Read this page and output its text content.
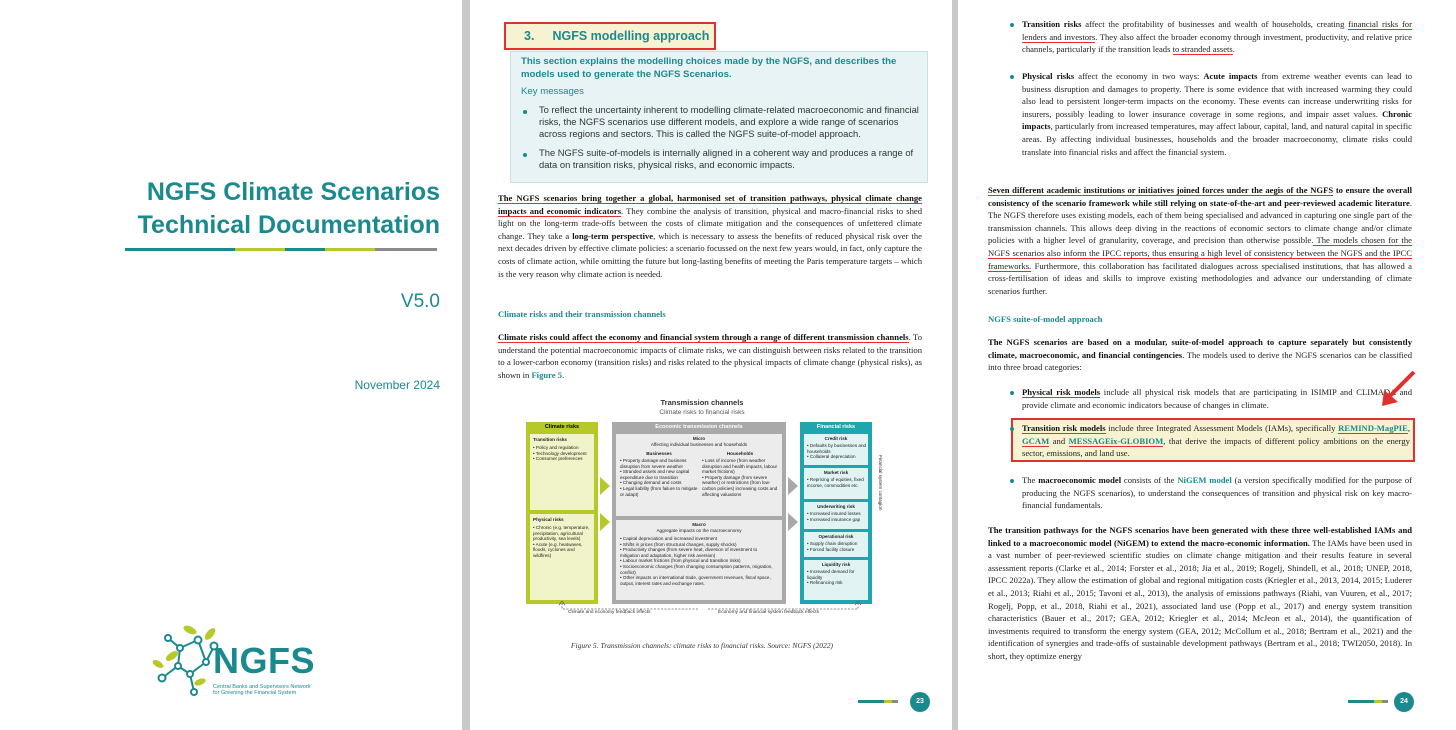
NGFS Climate Scenarios
Technical Documentation
V5.0
November 2024
NGFS
Central Banks and Supervisors Network for Greening the Financial System
3. NGFS modelling approach
This section explains the modelling choices made by the NGFS, and describes the models used to generate the NGFS Scenarios.
Key messages
To reflect the uncertainty inherent to modelling climate-related macroeconomic and financial risks, the NGFS scenarios use different models, and explore a wide range of scenarios across regions and sectors. This is called the NGFS suite-of-model approach.
The NGFS suite-of-models is internally aligned in a coherent way and produces a range of data on transition risks, physical risks, and economic impacts.
The NGFS scenarios bring together a global, harmonised set of transition pathways, physical climate change impacts and economic indicators. They combine the analysis of transition, physical and macro-financial risks to shed light on the long-term trade-offs between the costs of climate mitigation and the consequences of unfettered climate change. They take a long-term perspective, which is necessary to assess the benefits of reduced physical risk over the next decades driven by effective climate policies: a scenario focussed on the next few years would, in fact, only capture the costs of climate action, while omitting the future but long-lasting benefits of meeting the Paris temperature targets – which is the very reason why climate action is needed.
Climate risks and their transmission channels
Climate risks could affect the economy and financial system through a range of different transmission channels. To understand the potential macroeconomic impacts of climate risks, we can distinguish between risks related to the transition to a lower-carbon economy (transition risks) and risks related to the physical impacts of climate change (physical risks), as shown in Figure 5.
Transmission channels
Climate risks to financial risks
Climate risks
Transition risks
• Policy and regulation
• Technology development
• Consumer preferences
Physical risks
• Chronic (e.g. temperature, precipitation, agricultural productivity, sea levels)
• Acute (e.g. heatwaves, floods, cyclones and wildfires)
Economic transmission channels
Micro
Affecting individual businesses and households
Businesses
• Property damage and business disruption from severe weather
• Stranded assets and new capital expenditure due to transition
• Changing demand and costs
• Legal liability (from failure to mitigate or adapt)
Households
• Loss of income (from weather disruption and health impacts, labour market frictions)
• Property damage (from severe weather) or restrictions (from low-carbon policies) increasing costs and affecting valuations
Macro
Aggregate impacts on the macroeconomy
• Capital depreciation and increased investment
• Shifts in prices (from structural changes, supply shocks)
• Productivity changes (from severe heat, diversion of investment to mitigation and adaptation, higher risk aversion)
• Labour market frictions (from physical and transition risks)
• Socioeconomic changes (from changing consumption patterns, migration, conflict)
• Other impacts on international trade, government revenues, fiscal space, output, interest rates and exchange rates.
Financial risks
Credit risk
• Defaults by businesses and households
• Collateral depreciation
Market risk
• Repricing of equities, fixed income, commodities etc.
Underwriting risk
• Increased insured losses
• Increased insurance gap
Operational risk
• Supply chain disruption
• Forced facility closure
Liquidity risk
• Increased demand for liquidity
• Refinancing risk
Financial system contagion
Climate and economy feedback effects	Economy and financial system feedback effects
Figure 5. Transmission channels: climate risks to financial risks. Source: NGFS (2022)
23
Transition risks affect the profitability of businesses and wealth of households, creating financial risks for lenders and investors. They also affect the broader economy through investment, productivity, and relative price channels, particularly if the transition leads to stranded assets.
Physical risks affect the economy in two ways: Acute impacts from extreme weather events can lead to business disruption and damages to property. There is some evidence that with increased warming they could also lead to persistent longer-term impacts on the economy. These events can increase underwriting risks for insurers, possibly leading to lower insurance coverage in some regions, and impair asset values. Chronic impacts, particularly from increased temperatures, may affect labour, capital, land, and natural capital in specific areas. By affecting individual businesses, households and the broader macroeconomy, climate risks could translate into financial risks and affect the financial system.
Seven different academic institutions or initiatives joined forces under the aegis of the NGFS to ensure the overall consistency of the scenario framework while still relying on state-of-the-art and peer-reviewed academic literature. The NGFS therefore uses existing models, each of them being specialised and advanced in capturing one single part of the transmission channels. This allows deep diving in the reactions of economic sectors to climate change and/or climate policies with a higher level of granularity, coverage, and precision than otherwise possible. The models chosen for the NGFS scenarios also inform the IPCC reports, thus ensuring a high level of consistency between the NGFS and the IPCC frameworks. Furthermore, this collaboration has facilitated dialogues across specialised institutions, that has allowed a cross-fertilisation of ideas and skills to improve existing methodologies and advance our understanding of climate scenarios further.
NGFS suite-of-model approach
The NGFS scenarios are based on a modular, suite-of-model approach to capture separately but consistently climate, macroeconomic, and financial contingencies. The models used to derive the NGFS scenarios can be classified into three broad categories:
Physical risk models include all physical risk models that are participating in ISIMIP and CLIMADA and provide climate and economic indicators because of changes in climate.
Transition risk models include three Integrated Assessment Models (IAMs), specifically REMIND-MagPIE, GCAM and MESSAGEix-GLOBIOM, that derive the impacts of different policy ambitions on the energy sector, emissions, and land use.
The macroeconomic model consists of the NiGEM model (a version specifically modified for the purpose of producing the NGFS scenarios), to understand the consequences of transition and physical risk on key macro-financial fundamentals.
The transition pathways for the NGFS scenarios have been generated with these three well-established IAMs and linked to a macroeconomic model (NiGEM) to extend the macro-economic information. The IAMs have been used in a vast number of peer-reviewed scientific studies on climate change mitigation and their results feature in several assessment reports (Clarke et al., 2014; Forster et al., 2018; Jia et al., 2019; Rogelj, Shindell, et al., 2018; UNEP, 2018, IPCC 2022a). They allow the estimation of global and regional mitigation costs (Kriegler et al., 2013, 2014, 2015; Luderer et al., 2013; Riahi et al., 2015; Tavoni et al., 2013), the analysis of emissions pathways (Riahi, van Vuuren, et al., 2017; Rogelj, Popp, et al., 2018, Riahi et al., 2021), associated land use (Popp et al., 2017) and energy system transition characteristics (Bauer et al., 2017; GEA, 2012; Kriegler et al., 2014; McJeon et al., 2014), the quantification of investments required to transform the energy system (GEA, 2012; McCollum et al., 2018; Bertram et al., 2021) and the identification of synergies and trade-offs of sustainable development pathways (Bertram et al., 2018; TWI2050, 2018). In short, they optimize energy
24
